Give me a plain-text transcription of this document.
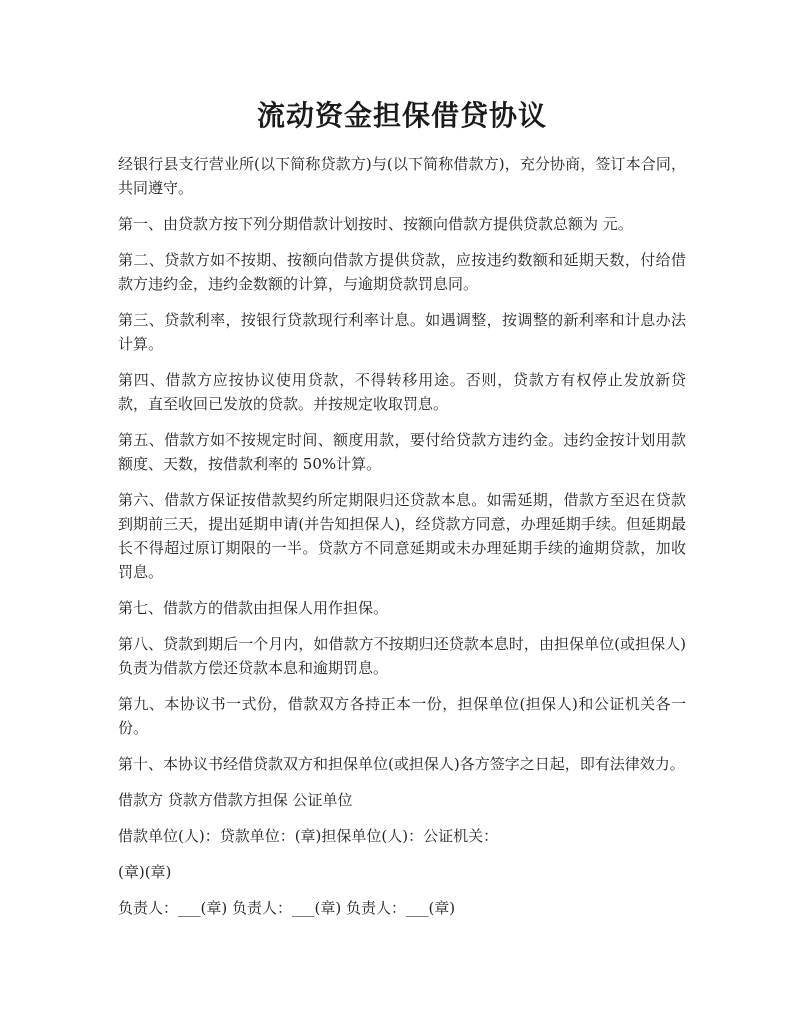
流动资金担保借贷协议

经银行县支行营业所(以下简称贷款方)与(以下简称借款方)，充分协商，签订本合同，共同遵守。

第一、由贷款方按下列分期借款计划按时、按额向借款方提供贷款总额为 元。

第二、贷款方如不按期、按额向借款方提供贷款，应按违约数额和延期天数，付给借款方违约金，违约金数额的计算，与逾期贷款罚息同。

第三、贷款利率，按银行贷款现行利率计息。如遇调整，按调整的新利率和计息办法计算。

第四、借款方应按协议使用贷款，不得转移用途。否则，贷款方有权停止发放新贷款，直至收回已发放的贷款。并按规定收取罚息。

第五、借款方如不按规定时间、额度用款，要付给贷款方违约金。违约金按计划用款额度、天数，按借款利率的 50%计算。

第六、借款方保证按借款契约所定期限归还贷款本息。如需延期，借款方至迟在贷款到期前三天，提出延期申请(并告知担保人)，经贷款方同意，办理延期手续。但延期最长不得超过原订期限的一半。贷款方不同意延期或未办理延期手续的逾期贷款，加收罚息。

第七、借款方的借款由担保人用作担保。

第八、贷款到期后一个月内，如借款方不按期归还贷款本息时，由担保单位(或担保人)负责为借款方偿还贷款本息和逾期罚息。

第九、本协议书一式份，借款双方各持正本一份，担保单位(担保人)和公证机关各一份。

第十、本协议书经借贷款双方和担保单位(或担保人)各方签字之日起，即有法律效力。

借款方 贷款方借款方担保 公证单位
借款单位(人)：贷款单位：(章)担保单位(人)：公证机关：
(章)(章)
负责人：___(章) 负责人：___(章) 负责人：___(章)
